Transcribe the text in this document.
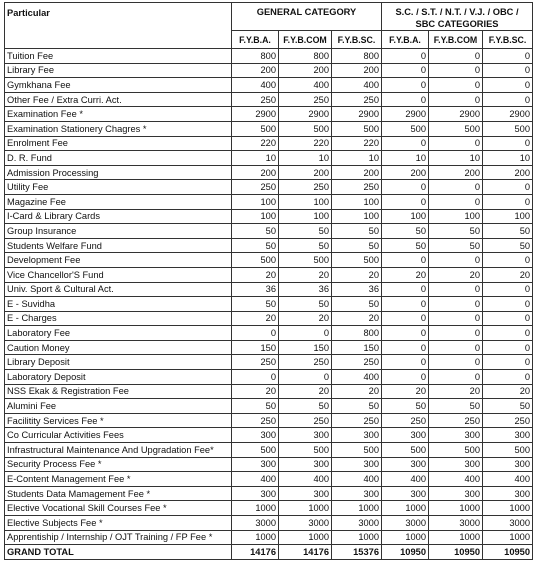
Particular	GENERAL CATEGORY			S.C. / S.T. / N.T. / V.J. / OBC /
SBC CATEGORIES		
	F.Y.B.A.	F.Y.B.COM	F.Y.B.SC.	F.Y.B.A.	F.Y.B.COM	F.Y.B.SC.
Tuition Fee	800	800	800	0	0	0
Library Fee	200	200	200	0	0	0
Gymkhana Fee	400	400	400	0	0	0
Other Fee / Extra Curri. Act.	250	250	250	0	0	0
Examination Fee *	2900	2900	2900	2900	2900	2900
Examination Stationery Chagres *	500	500	500	500	500	500
Enrolment Fee	220	220	220	0	0	0
D. R. Fund	10	10	10	10	10	10
Admission Processing	200	200	200	200	200	200
Utility Fee	250	250	250	0	0	0
Magazine Fee	100	100	100	0	0	0
I-Card & Library Cards	100	100	100	100	100	100
Group Insurance	50	50	50	50	50	50
Students Welfare Fund	50	50	50	50	50	50
Development Fee	500	500	500	0	0	0
Vice Chancellor'S Fund	20	20	20	20	20	20
Univ. Sport & Cultural Act.	36	36	36	0	0	0
E - Suvidha	50	50	50	0	0	0
E - Charges	20	20	20	0	0	0
Laboratory Fee	0	0	800	0	0	0
Caution Money	150	150	150	0	0	0
Library Deposit	250	250	250	0	0	0
Laboratory Deposit	0	0	400	0	0	0
NSS Ekak & Registration Fee	20	20	20	20	20	20
Alumini Fee	50	50	50	50	50	50
Facilitity Services Fee *	250	250	250	250	250	250
Co Curricular Activities Fees	300	300	300	300	300	300
Infrastructural Maintenance And Upgradation Fee*	500	500	500	500	500	500
Security Process Fee *	300	300	300	300	300	300
E-Content Management Fee *	400	400	400	400	400	400
Students Data Mamagement Fee *	300	300	300	300	300	300
Elective Vocational Skill Courses Fee *	1000	1000	1000	1000	1000	1000
Elective Subjects Fee *	3000	3000	3000	3000	3000	3000
Apprentiship / Internship / OJT Training / FP Fee *	1000	1000	1000	1000	1000	1000
GRAND TOTAL	14176	14176	15376	10950	10950	10950
